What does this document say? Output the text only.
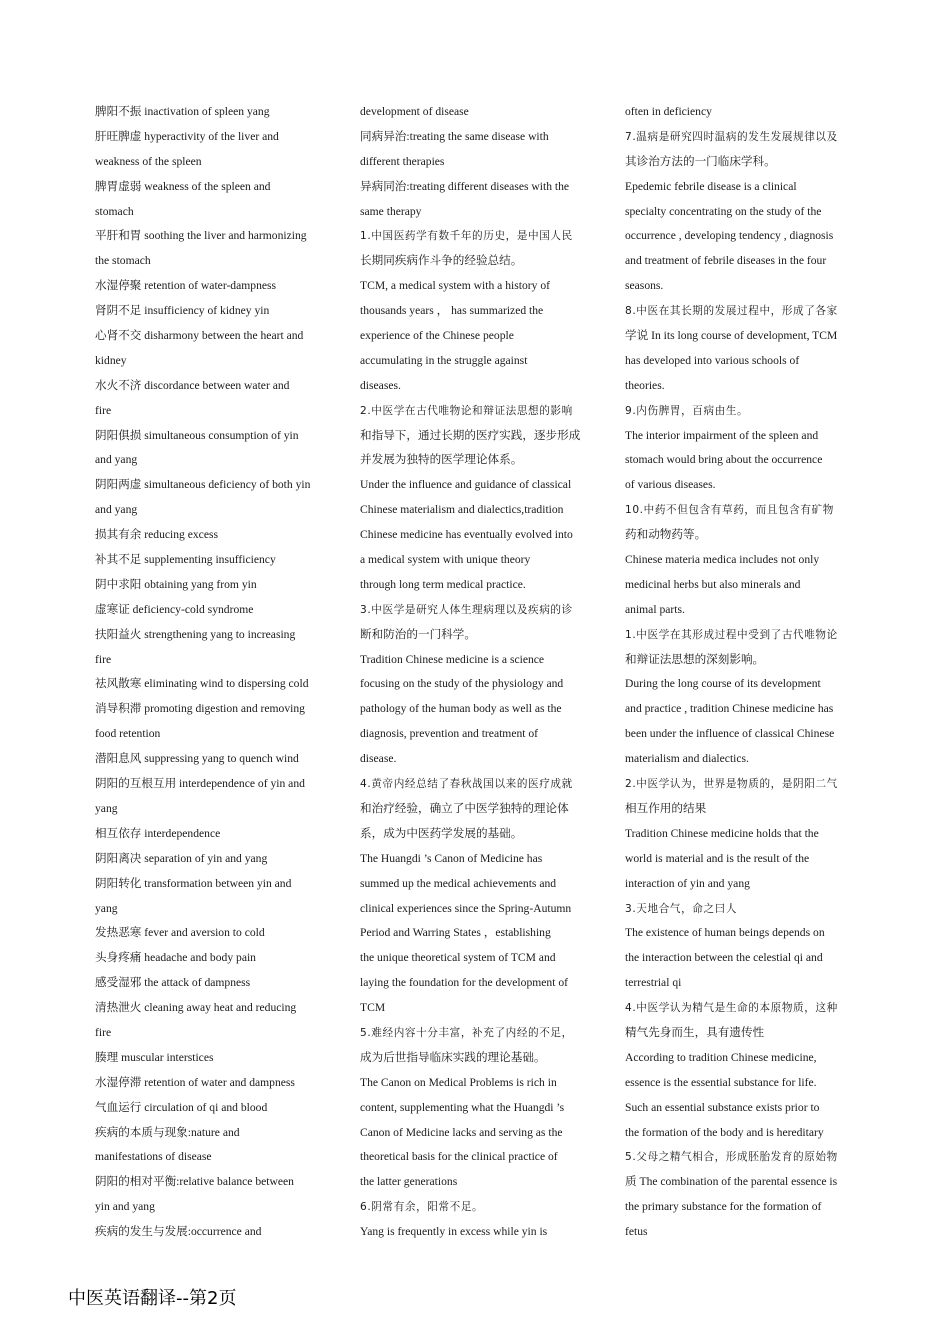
脾阳不振 inactivation of spleen yang
肝旺脾虚 hyperactivity of the liver and
weakness of the spleen
脾胃虚弱 weakness of the spleen and
stomach
平肝和胃 soothing the liver and harmonizing
the stomach
水湿停聚 retention of water-dampness
肾阴不足 insufficiency of kidney yin
心肾不交 disharmony between the heart and
kidney
水火不济 discordance between water and
fire
阴阳俱损 simultaneous consumption of yin
and yang
阴阳两虚 simultaneous deficiency of both yin
and yang
损其有余 reducing excess
补其不足 supplementing insufficiency
阴中求阳 obtaining yang from yin
虚寒证 deficiency-cold syndrome
扶阳益火 strengthening yang to increasing
fire
祛风散寒 eliminating wind to dispersing cold
消导积滞 promoting digestion and removing
food retention
潜阳息风 suppressing yang to quench wind
阴阳的互根互用 interdependence of yin and
yang
相互依存 interdependence
阴阳离决 separation of yin and yang
阴阳转化 transformation between yin and
yang
发热恶寒 fever and aversion to cold
头身疼痛 headache and body pain
感受湿邪 the attack of dampness
清热泄火 cleaning away heat and reducing
fire
腠理 muscular interstices
水湿停滞 retention of water and dampness
气血运行 circulation of qi and blood
疾病的本质与现象:nature and
manifestations of disease
阴阳的相对平衡:relative balance between
yin and yang
疾病的发生与发展:occurrence and
development of disease
同病异治:treating the same disease with
different therapies
异病同治:treating different diseases with the
same therapy
1.中国医药学有数千年的历史，是中国人民
长期同疾病作斗争的经验总结。
TCM, a medical system with a history of
thousands years ， has summarized the
experience of the Chinese people
accumulating in the struggle against
diseases.
2.中医学在古代唯物论和辩证法思想的影响
和指导下，通过长期的医疗实践，逐步形成
并发展为独特的医学理论体系。
Under the influence and guidance of classical
Chinese materialism and dialectics,tradition
Chinese medicine has eventually evolved into
a medical system with unique theory
through long term medical practice.
3.中医学是研究人体生理病理以及疾病的诊
断和防治的一门科学。
Tradition Chinese medicine is a science
focusing on the study of the physiology and
pathology of the human body as well as the
diagnosis, prevention and treatment of
disease.
4.黄帝内经总结了春秋战国以来的医疗成就
和治疗经验，确立了中医学独特的理论体
系，成为中医药学发展的基础。
The Huangdi ’s Canon of Medicine has
summed up the medical achievements and
clinical experiences since the Spring-Autumn
Period and Warring States ，establishing
the unique theoretical system of TCM and
laying the foundation for the development of
TCM
5.难经内容十分丰富，补充了内经的不足，
成为后世指导临床实践的理论基础。
The Canon on Medical Problems is rich in
content, supplementing what the Huangdi ’s
Canon of Medicine lacks and serving as the
theoretical basis for the clinical practice of
the latter generations
6.阴常有余，阳常不足。
Yang is frequently in excess while yin is
often in deficiency
7.温病是研究四时温病的发生发展规律以及
其诊治方法的一门临床学科。
Epedemic febrile disease is a clinical
specialty concentrating on the study of the
occurrence , developing tendency , diagnosis
and treatment of febrile diseases in the four
seasons.
8.中医在其长期的发展过程中，形成了各家
学说 In its long course of development, TCM
has developed into various schools of
theories.
9.内伤脾胃，百病由生。
The interior impairment of the spleen and
stomach would bring about the occurrence
of various diseases.
10.中药不但包含有草药，而且包含有矿物
药和动物药等。
Chinese materia medica includes not only
medicinal herbs but also minerals and
animal parts.
1.中医学在其形成过程中受到了古代唯物论
和辩证法思想的深刻影响。
During the long course of its development
and practice , tradition Chinese medicine has
been under the influence of classical Chinese
materialism and dialectics.
2.中医学认为，世界是物质的，是阴阳二气
相互作用的结果
Tradition Chinese medicine holds that the
world is material and is the result of the
interaction of yin and yang
3.天地合气，命之曰人
The existence of human beings depends on
the interaction between the celestial qi and
terrestrial qi
4.中医学认为精气是生命的本原物质，这种
精气先身而生，具有遗传性
According to tradition Chinese medicine,
essence is the essential substance for life.
Such an essential substance exists prior to
the formation of the body and is hereditary
5.父母之精气相合，形成胚胎发育的原始物
质 The combination of the parental essence is
the primary substance for the formation of
fetus
中医英语翻译--第2页
